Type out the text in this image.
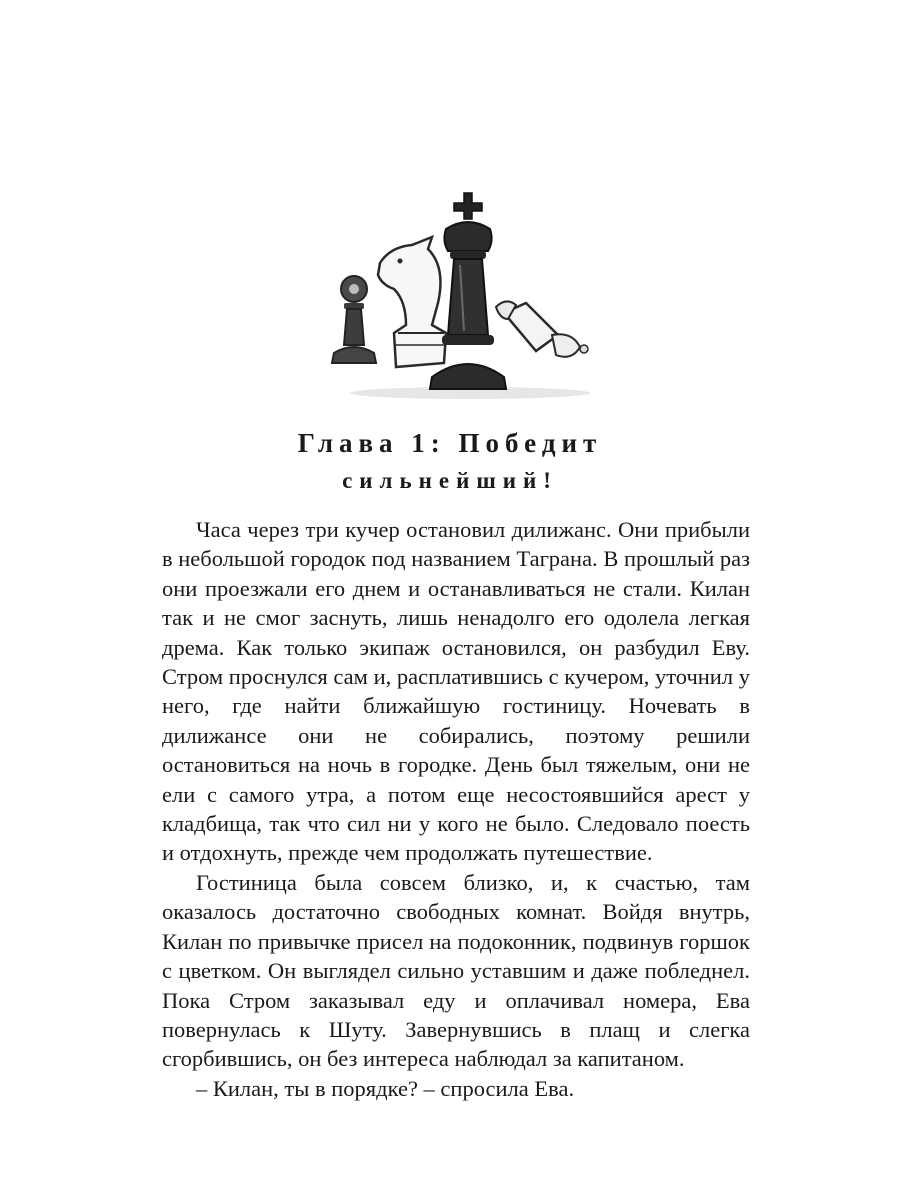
Глава 1: Победит
сильнейший!

Часа через три кучер остановил дилижанс. Они прибыли в небольшой городок под названием Таграна. В прошлый раз они проезжали его днем и останавливаться не стали. Килан так и не смог заснуть, лишь ненадолго его одолела легкая дрема. Как только экипаж остановился, он разбудил Еву. Стром проснулся сам и, расплатившись с кучером, уточнил у него, где найти ближайшую гостиницу. Ночевать в дилижансе они не собирались, поэтому решили остановиться на ночь в городке. День был тяжелым, они не ели с самого утра, а потом еще несостоявшийся арест у кладбища, так что сил ни у кого не было. Следовало поесть и отдохнуть, прежде чем продолжать путешествие.

Гостиница была совсем близко, и, к счастью, там оказалось достаточно свободных комнат. Войдя внутрь, Килан по привычке присел на подоконник, подвинув горшок с цветком. Он выглядел сильно уставшим и даже побледнел. Пока Стром заказывал еду и оплачивал номера, Ева повернулась к Шуту. Завернувшись в плащ и слегка сгорбившись, он без интереса наблюдал за капитаном.

– Килан, ты в порядке? – спросила Ева.
